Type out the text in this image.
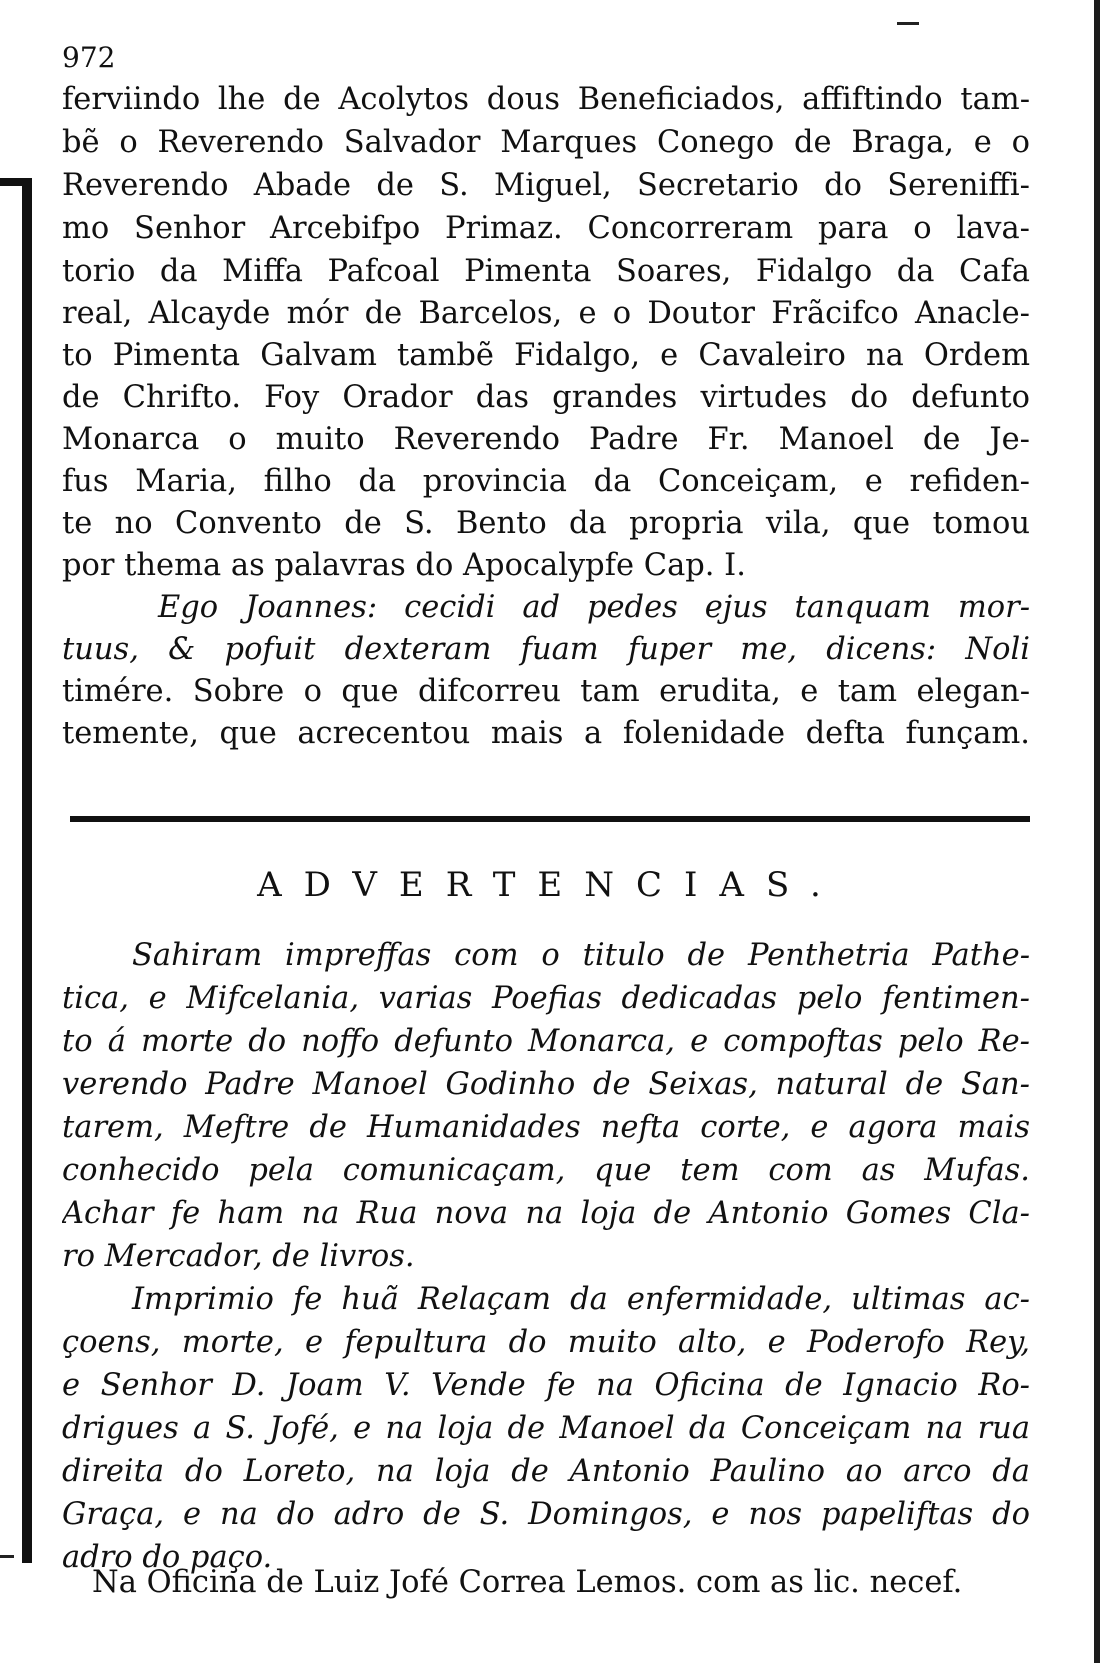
972
ferviindo lhe de Acolytos dous Beneficiados, affiftindo tam-
bẽ o Reverendo Salvador Marques Conego de Braga, e o
Reverendo Abade de S. Miguel, Secretario do Sereniffi-
mo Senhor Arcebifpo Primaz. Concorreram para o lava-
torio da Miffa Pafcoal Pimenta Soares, Fidalgo da Cafa
real, Alcayde mór de Barcelos, e o Doutor Frãcifco Anacle-
to Pimenta Galvam tambẽ Fidalgo, e Cavaleiro na Ordem
de Chrifto. Foy Orador das grandes virtudes do defunto
Monarca o muito Reverendo Padre Fr. Manoel de Je-
fus Maria, filho da provincia da Conceiçam, e refiden-
te no Convento de S. Bento da propria vila, que tomou
por thema as palavras do Apocalypfe Cap. I.
Ego Joannes: cecidi ad pedes ejus tanquam mor-
tuus, & pofuit dexteram fuam fuper me, dicens: Noli
timére. Sobre o que difcorreu tam erudita, e tam elegan-
temente, que acrecentou mais a folenidade defta funçam.
ADVERTENCIAS.
Sahiram impreffas com o titulo de Penthetria Pathe-
tica, e Mifcelania, varias Poefias dedicadas pelo fentimen-
to á morte do noffo defunto Monarca, e compoftas pelo Re-
verendo Padre Manoel Godinho de Seixas, natural de San-
tarem, Meftre de Humanidades nefta corte, e agora mais
conhecido pela comunicaçam, que tem com as Mufas.
Achar fe ham na Rua nova na loja de Antonio Gomes Cla-
ro Mercador, de livros.
Imprimio fe huã Relaçam da enfermidade, ultimas ac-
çoens, morte, e fepultura do muito alto, e Poderofo Rey,
e Senhor D. Joam V. Vende fe na Oficina de Ignacio Ro-
drigues a S. Jofé, e na loja de Manoel da Conceiçam na rua
direita do Loreto, na loja de Antonio Paulino ao arco da
Graça, e na do adro de S. Domingos, e nos papeliftas do
adro do paço.
Na Oficina de Luiz Jofé Correa Lemos. com as lic. necef.
